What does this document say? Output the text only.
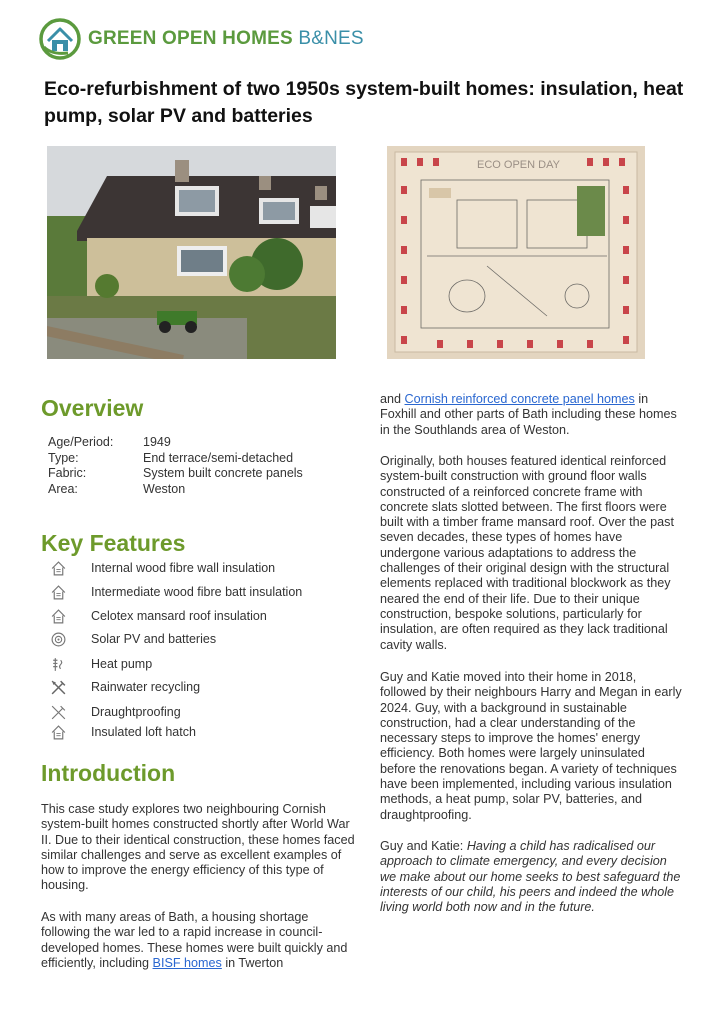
GREEN OPEN HOMES B&NES
Eco-refurbishment of two 1950s system-built homes: insulation, heat pump, solar PV and batteries
ECO OPEN DAY
Overview
Age/Period:	1949
Type:	End terrace/semi-detached
Fabric:	System built concrete panels
Area:	Weston
Key Features
Internal wood fibre wall insulation
Intermediate wood fibre batt insulation
Celotex mansard roof insulation
Solar PV and batteries
Heat pump
Rainwater recycling
Draughtproofing
Insulated loft hatch
Introduction

This case study explores two neighbouring Cornish system-built homes constructed shortly after World War II. Due to their identical construction, these homes faced similar challenges and serve as excellent examples of how to improve the energy efficiency of this type of housing.

As with many areas of Bath, a housing shortage following the war led to a rapid increase in council-developed homes. These homes were built quickly and efficiently, including BISF homes in Twerton

and Cornish reinforced concrete panel homes in Foxhill and other parts of Bath including these homes in the Southlands area of Weston.

Originally, both houses featured identical reinforced system-built construction with ground floor walls constructed of a reinforced concrete frame with concrete slats slotted between. The first floors were built with a timber frame mansard roof. Over the past seven decades, these types of homes have undergone various adaptations to address the challenges of their original design with the structural elements replaced with traditional blockwork as they neared the end of their life. Due to their unique construction, bespoke solutions, particularly for insulation, are often required as they lack traditional cavity walls.

Guy and Katie moved into their home in 2018, followed by their neighbours Harry and Megan in early 2024. Guy, with a background in sustainable construction, had a clear understanding of the necessary steps to improve the homes' energy efficiency. Both homes were largely uninsulated before the renovations began. A variety of techniques have been implemented, including various insulation methods, a heat pump, solar PV, batteries, and draughtproofing.

Guy and Katie: Having a child has radicalised our approach to climate emergency, and every decision we make about our home seeks to best safeguard the interests of our child, his peers and indeed the whole living world both now and in the future.
